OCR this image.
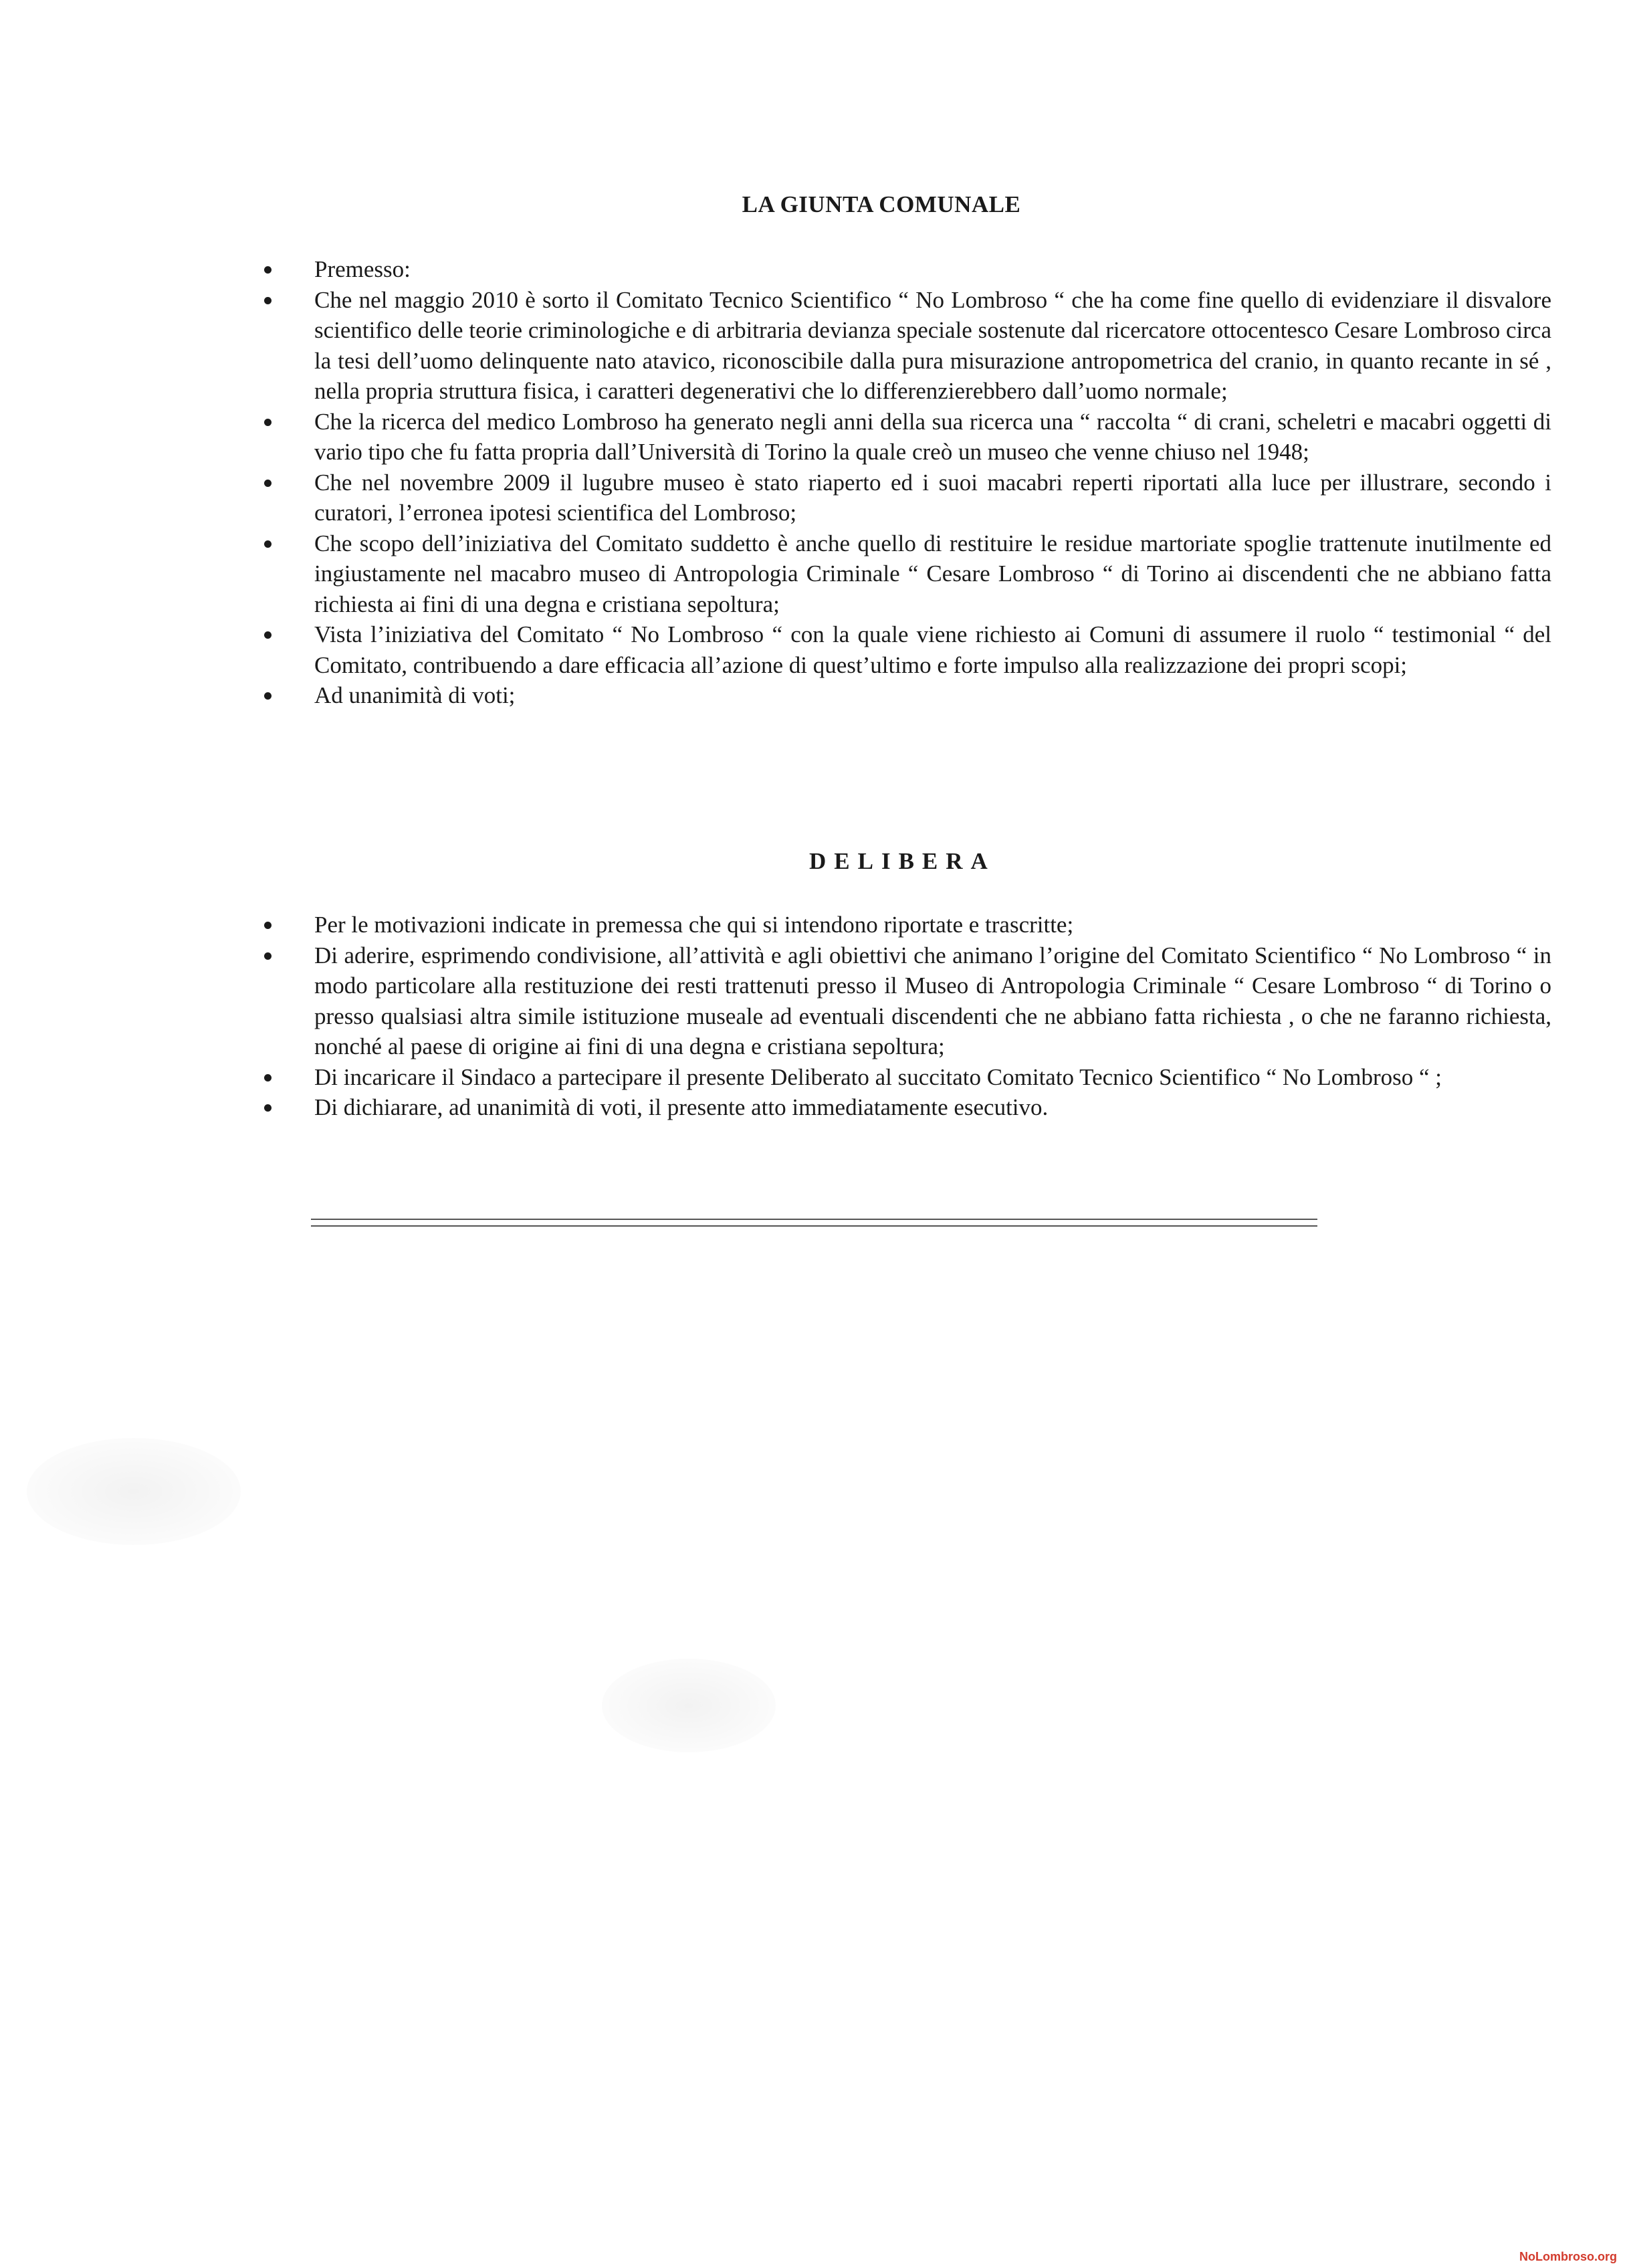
LA GIUNTA COMUNALE
Premesso:
Che nel maggio 2010 è sorto il Comitato Tecnico Scientifico “ No Lombroso “ che ha come fine quello di evidenziare il disvalore scientifico delle teorie criminologiche e di arbitraria devianza speciale sostenute dal ricercatore ottocentesco Cesare Lombroso circa la tesi dell’uomo delinquente nato atavico, riconoscibile dalla pura misurazione antropometrica del cranio, in quanto recante in sé , nella propria struttura fisica, i caratteri degenerativi che lo differenzierebbero dall’uomo normale;
Che la ricerca del medico Lombroso ha generato negli anni della sua ricerca una “ raccolta “ di crani, scheletri e macabri oggetti di vario tipo che fu fatta propria dall’Università di Torino la quale creò un museo che venne chiuso nel 1948;
Che nel novembre 2009 il lugubre museo è stato riaperto ed i suoi macabri reperti riportati alla luce per illustrare, secondo i curatori, l’erronea ipotesi scientifica del Lombroso;
Che scopo dell’iniziativa del Comitato suddetto è anche quello di restituire le residue martoriate spoglie trattenute inutilmente ed ingiustamente nel macabro museo di Antropologia Criminale “ Cesare Lombroso “ di Torino ai discendenti che ne abbiano fatta richiesta ai fini di una degna e cristiana sepoltura;
Vista l’iniziativa del Comitato “ No Lombroso “ con la quale viene richiesto ai Comuni di assumere il ruolo “ testimonial “ del Comitato, contribuendo a dare efficacia all’azione di quest’ultimo e forte impulso alla realizzazione dei propri scopi;
Ad unanimità di voti;
DELIBERA
Per le motivazioni indicate in premessa che qui si intendono riportate e trascritte;
Di aderire, esprimendo condivisione, all’attività e agli obiettivi che animano l’origine del Comitato Scientifico “ No Lombroso “ in modo particolare alla restituzione dei resti trattenuti presso il Museo di Antropologia Criminale “ Cesare Lombroso “ di Torino o presso qualsiasi altra simile istituzione museale ad eventuali discendenti che ne abbiano fatta richiesta , o che ne faranno richiesta, nonché al paese di origine ai fini di una degna e cristiana sepoltura;
Di incaricare il Sindaco a partecipare il presente Deliberato al succitato Comitato Tecnico Scientifico “ No Lombroso “ ;
Di dichiarare, ad unanimità di voti, il presente atto immediatamente esecutivo.
NoLombroso.org
